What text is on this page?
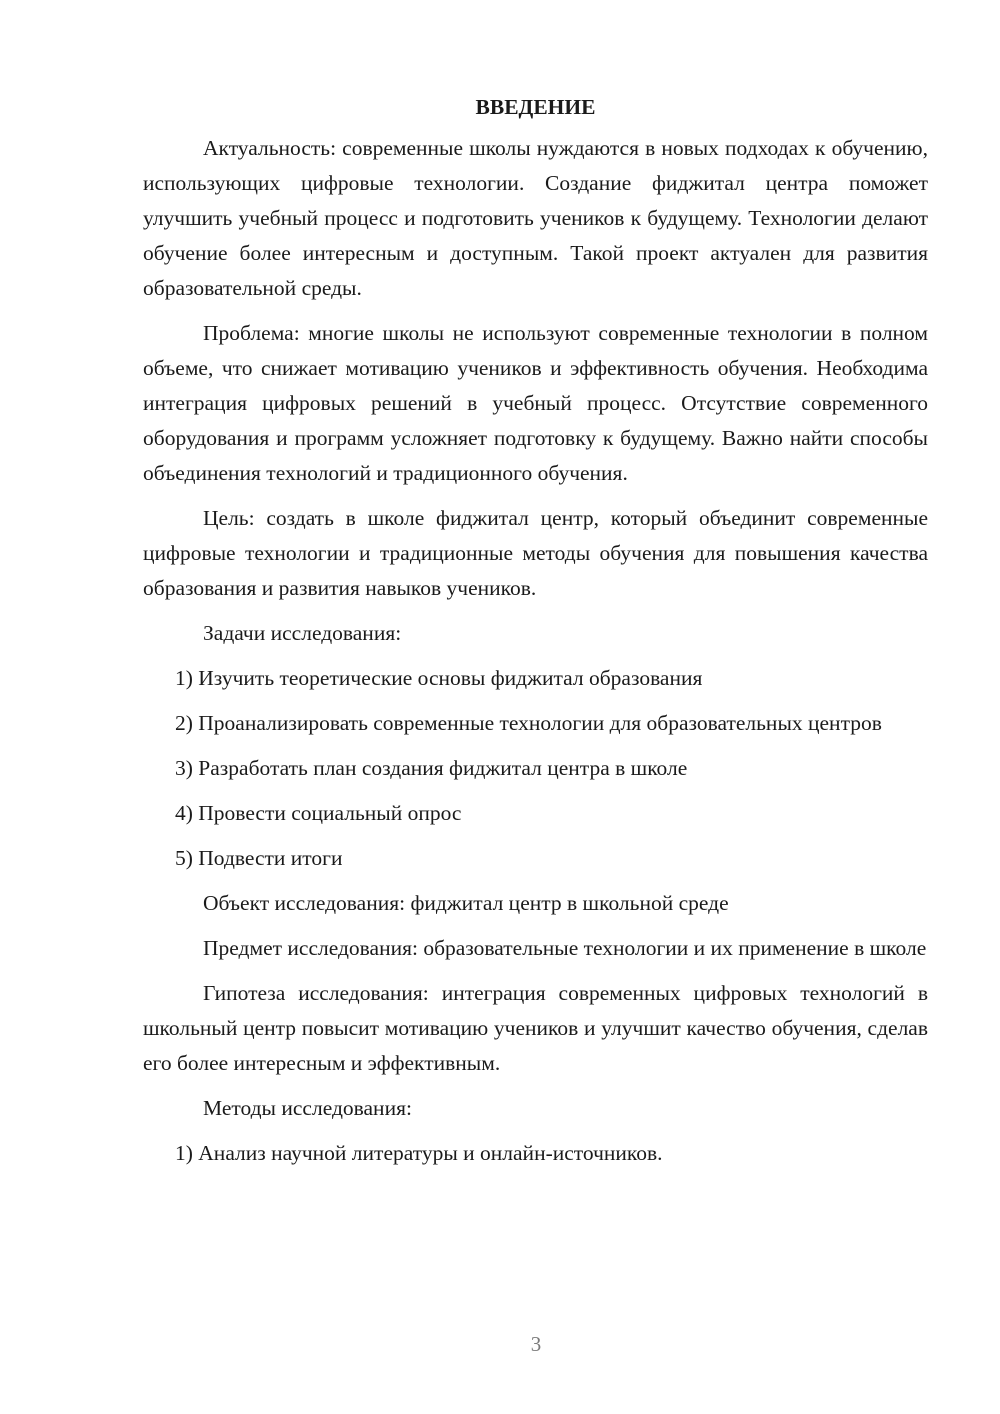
ВВЕДЕНИЕ

Актуальность: современные школы нуждаются в новых подходах к обучению, использующих цифровые технологии. Создание фиджитал центра поможет улучшить учебный процесс и подготовить учеников к будущему. Технологии делают обучение более интересным и доступным. Такой проект актуален для развития образовательной среды.

Проблема: многие школы не используют современные технологии в полном объеме, что снижает мотивацию учеников и эффективность обучения. Необходима интеграция цифровых решений в учебный процесс. Отсутствие современного оборудования и программ усложняет подготовку к будущему. Важно найти способы объединения технологий и традиционного обучения.

Цель: создать в школе фиджитал центр, который объединит современные цифровые технологии и традиционные методы обучения для повышения качества образования и развития навыков учеников.

Задачи исследования:

1) Изучить теоретические основы фиджитал образования

2) Проанализировать современные технологии для образовательных центров

3) Разработать план создания фиджитал центра в школе

4) Провести социальный опрос

5) Подвести итоги

Объект исследования: фиджитал центр в школьной среде

Предмет исследования: образовательные технологии и их применение в школе

Гипотеза исследования: интеграция современных цифровых технологий в школьный центр повысит мотивацию учеников и улучшит качество обучения, сделав его более интересным и эффективным.

Методы исследования:

1) Анализ научной литературы и онлайн-источников.

3
